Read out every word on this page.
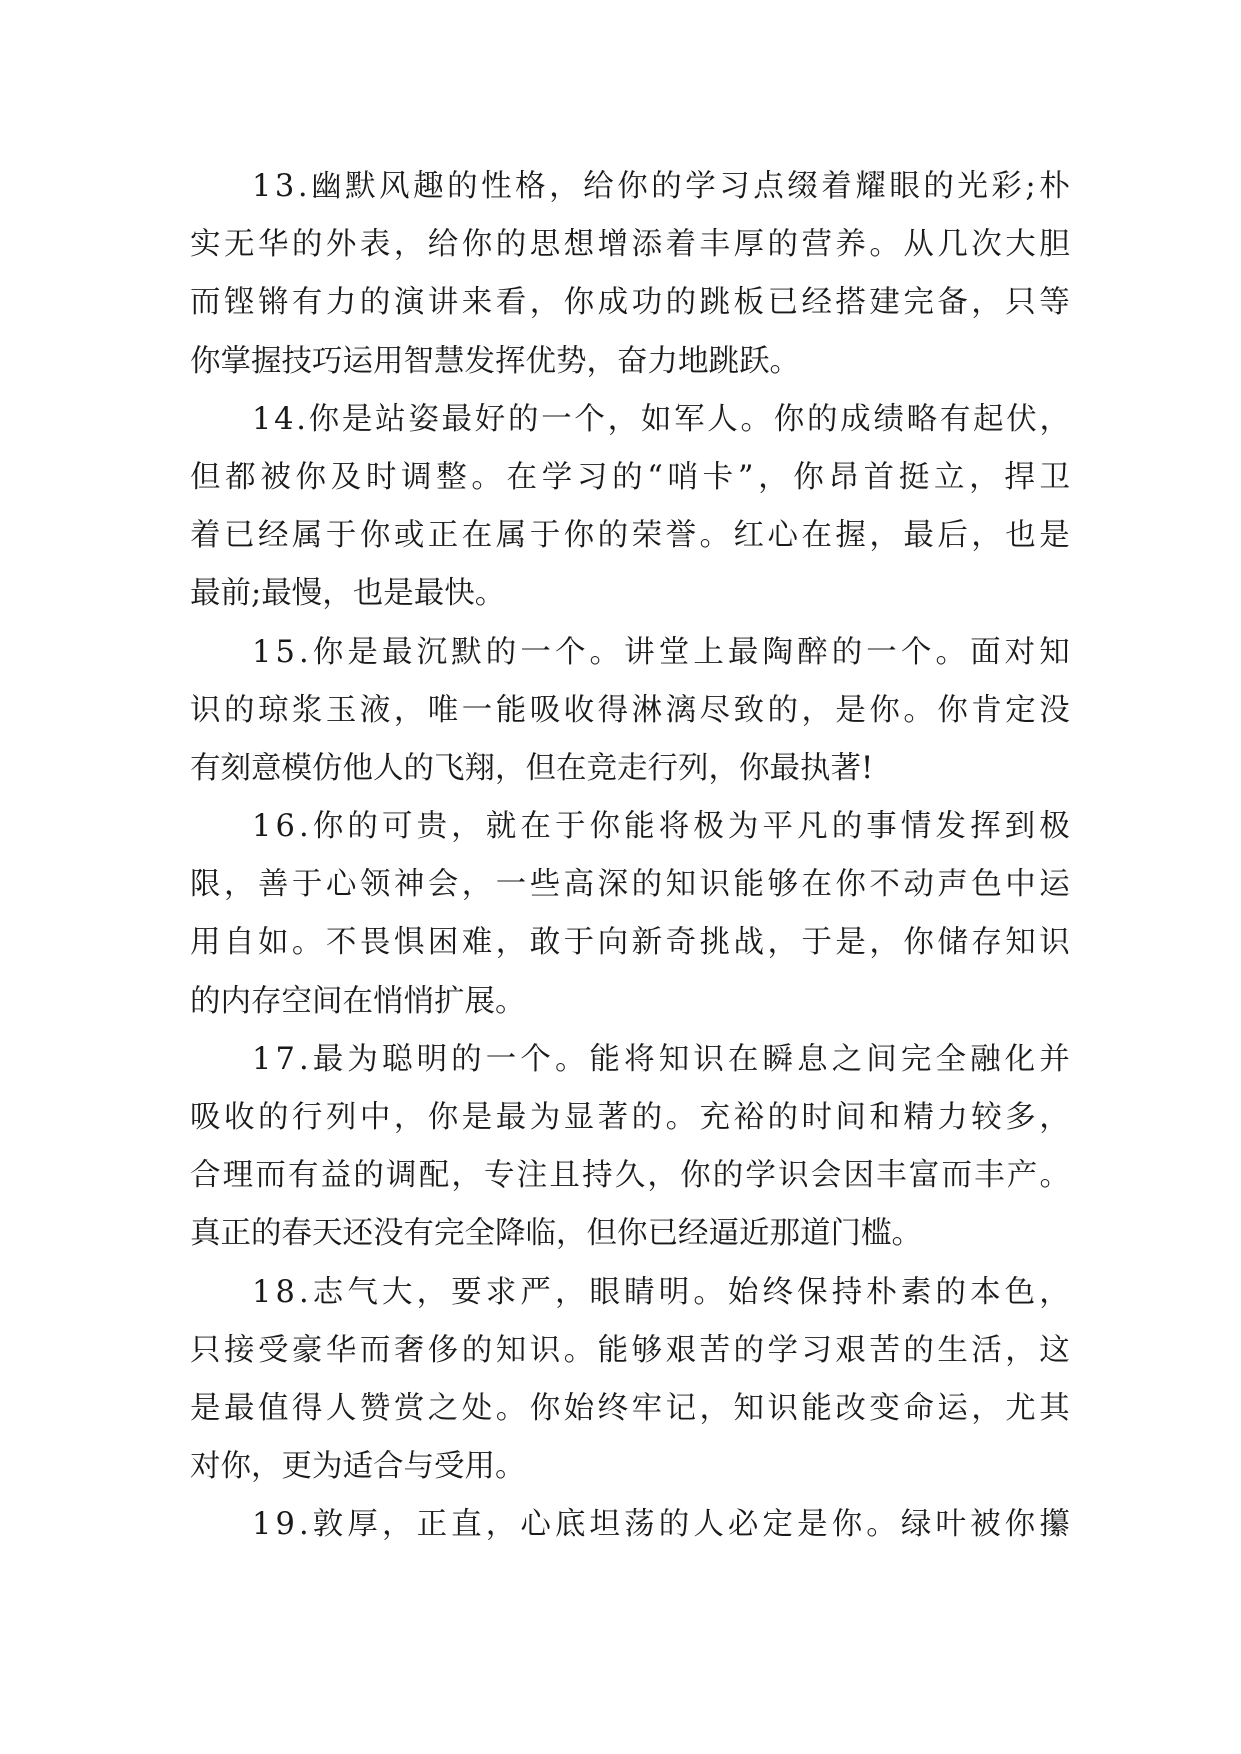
1 3 . 幽 默 风 趣 的 性 格 ， 给 你 的 学 习 点 缀 着 耀 眼 的 光 彩 ; 朴
实 无 华 的 外 表 ， 给 你 的 思 想 增 添 着 丰 厚 的 营 养 。 从 几 次 大 胆
而 铿 锵 有 力 的 演 讲 来 看 ， 你 成 功 的 跳 板 已 经 搭 建 完 备 ， 只 等
你 掌 握 技 巧 运 用 智 慧 发 挥 优 势 ， 奋 力 地 跳 跃 。
1 4 . 你 是 站 姿 最 好 的 一 个 ， 如 军 人 。 你 的 成 绩 略 有 起 伏 ，
但 都 被 你 及 时 调 整 。 在 学 习 的 “ 哨 卡 ” ， 你 昂 首 挺 立 ， 捍 卫
着 已 经 属 于 你 或 正 在 属 于 你 的 荣 誉 。 红 心 在 握 ， 最 后 ， 也 是
最 前 ; 最 慢 ， 也 是 最 快 。
1 5 . 你 是 最 沉 默 的 一 个 。 讲 堂 上 最 陶 醉 的 一 个 。 面 对 知
识 的 琼 浆 玉 液 ， 唯 一 能 吸 收 得 淋 漓 尽 致 的 ， 是 你 。 你 肯 定 没
有 刻 意 模 仿 他 人 的 飞 翔 ， 但 在 竞 走 行 列 ， 你 最 执 著 !
1 6 . 你 的 可 贵 ， 就 在 于 你 能 将 极 为 平 凡 的 事 情 发 挥 到 极
限 ， 善 于 心 领 神 会 ， 一 些 高 深 的 知 识 能 够 在 你 不 动 声 色 中 运
用 自 如 。 不 畏 惧 困 难 ， 敢 于 向 新 奇 挑 战 ， 于 是 ， 你 储 存 知 识
的 内 存 空 间 在 悄 悄 扩 展 。
1 7 . 最 为 聪 明 的 一 个 。 能 将 知 识 在 瞬 息 之 间 完 全 融 化 并
吸 收 的 行 列 中 ， 你 是 最 为 显 著 的 。 充 裕 的 时 间 和 精 力 较 多 ，
合 理 而 有 益 的 调 配 ， 专 注 且 持 久 ， 你 的 学 识 会 因 丰 富 而 丰 产 。
真 正 的 春 天 还 没 有 完 全 降 临 ， 但 你 已 经 逼 近 那 道 门 槛 。
1 8 . 志 气 大 ， 要 求 严 ， 眼 睛 明 。 始 终 保 持 朴 素 的 本 色 ，
只 接 受 豪 华 而 奢 侈 的 知 识 。 能 够 艰 苦 的 学 习 艰 苦 的 生 活 ， 这
是 最 值 得 人 赞 赏 之 处 。 你 始 终 牢 记 ， 知 识 能 改 变 命 运 ， 尤 其
对 你 ， 更 为 适 合 与 受 用 。
1 9 . 敦 厚 ， 正 直 ， 心 底 坦 荡 的 人 必 定 是 你 。 绿 叶 被 你 攥
